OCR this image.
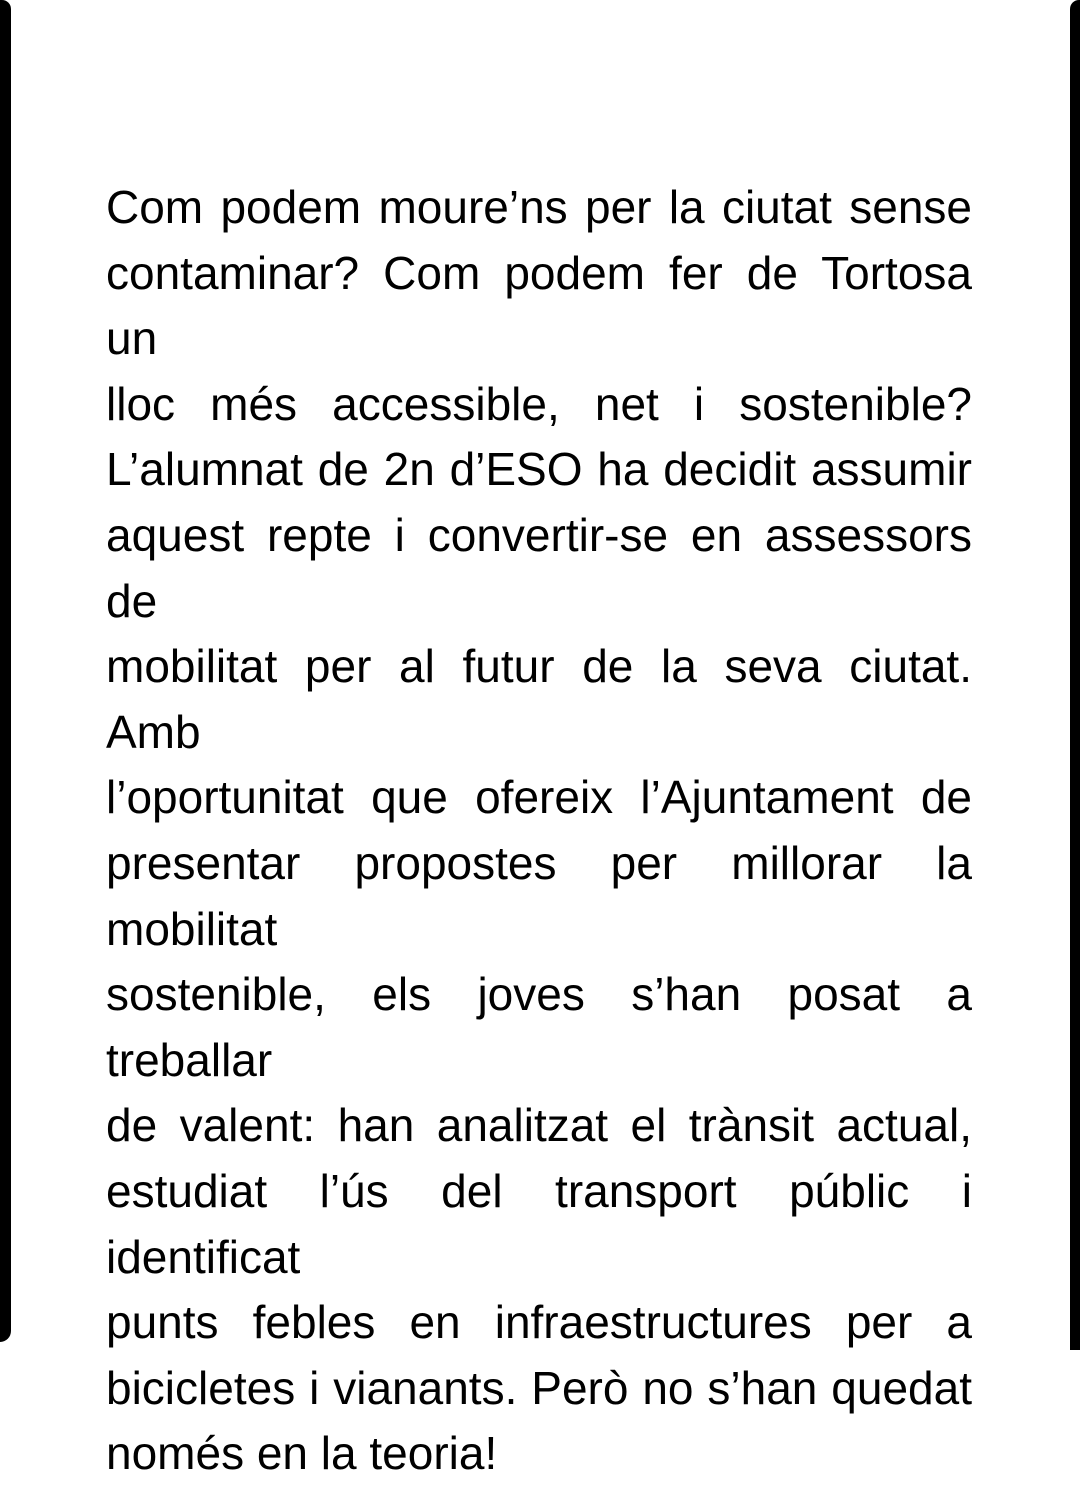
Com podem moure’ns per la ciutat sense
contaminar? Com podem fer de Tortosa un
lloc més accessible, net i sostenible?
L’alumnat de 2n d’ESO ha decidit assumir
aquest repte i convertir-se en assessors de
mobilitat per al futur de la seva ciutat. Amb
l’oportunitat que ofereix l’Ajuntament de
presentar propostes per millorar la mobilitat
sostenible, els joves s’han posat a treballar
de valent: han analitzat el trànsit actual,
estudiat l’ús del transport públic i identificat
punts febles en infraestructures per a
bicicletes i vianants. Però no s’han quedat
només en la teoria!
